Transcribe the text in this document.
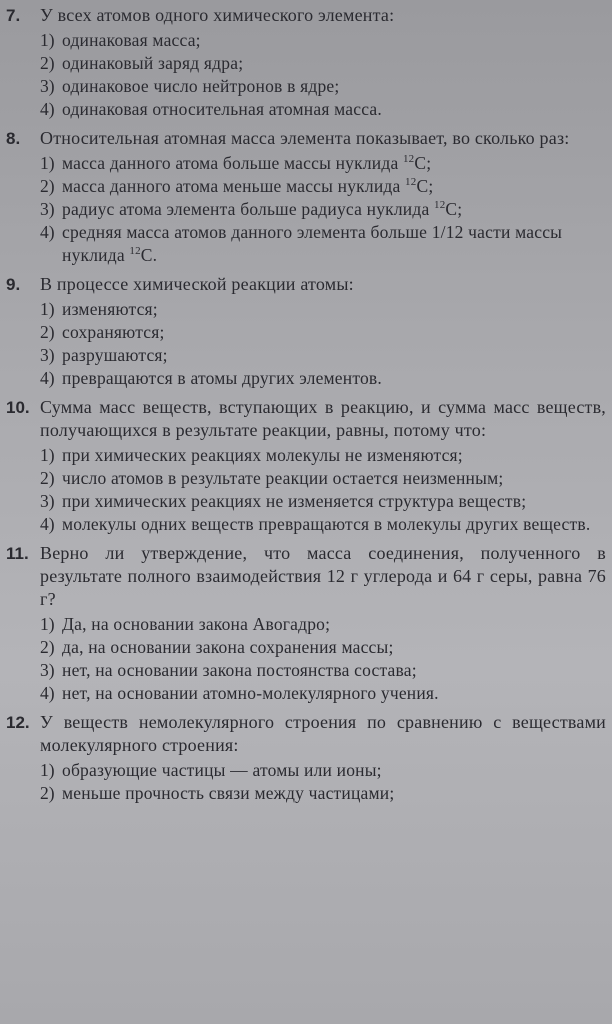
7.	У всех атомов одного химического элемента:
1) одинаковая масса;
2) одинаковый заряд ядра;
3) одинаковое число нейтронов в ядре;
4) одинаковая относительная атомная масса.
8.	Относительная атомная масса элемента показывает, во сколько раз:
1) масса данного атома больше массы нуклида $^{12}$C;
2) масса данного атома меньше массы нуклида $^{12}$C;
3) радиус атома элемента больше радиуса нуклида $^{12}$C;
4) средняя масса атомов данного элемента больше 1/12 части массы нуклида $^{12}$C.
9.	В процессе химической реакции атомы:
1) изменяются;
2) сохраняются;
3) разрушаются;
4) превращаются в атомы других элементов.
10. Сумма масс веществ, вступающих в реакцию, и сумма масс веществ, получающихся в результате реакции, равны, потому что:
1) при химических реакциях молекулы не изменяются;
2) число атомов в результате реакции остается неизменным;
3) при химических реакциях не изменяется структура веществ;
4) молекулы одних веществ превращаются в молекулы других веществ.
11. Верно ли утверждение, что масса соединения, полученного в результате полного взаимодействия 12 г углерода и 64 г серы, равна 76 г?
1) Да, на основании закона Авогадро;
2) да, на основании закона сохранения массы;
3) нет, на основании закона постоянства состава;
4) нет, на основании атомно-молекулярного учения.
12. У веществ немолекулярного строения по сравнению с веществами молекулярного строения:
1) образующие частицы — атомы или ионы;
2) меньше прочность связи между частицами;
